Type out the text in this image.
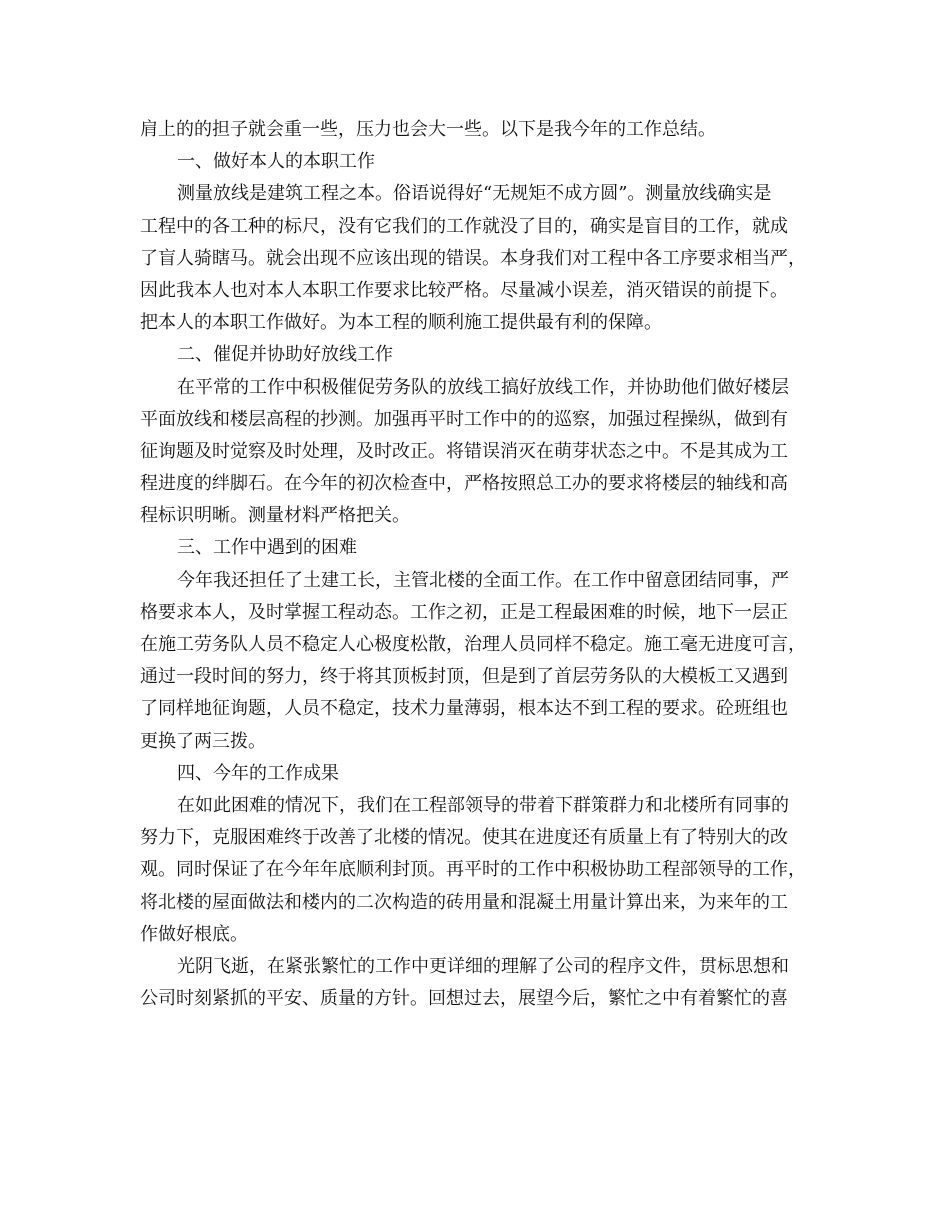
肩上的的担子就会重一些，压力也会大一些。以下是我今年的工作总结。
一、做好本人的本职工作
测量放线是建筑工程之本。俗语说得好“无规矩不成方圆”。测量放线确实是
工程中的各工种的标尺，没有它我们的工作就没了目的，确实是盲目的工作，就成
了盲人骑瞎马。就会出现不应该出现的错误。本身我们对工程中各工序要求相当严，
因此我本人也对本人本职工作要求比较严格。尽量减小误差，消灭错误的前提下。
把本人的本职工作做好。为本工程的顺利施工提供最有利的保障。
二、催促并协助好放线工作
在平常的工作中积极催促劳务队的放线工搞好放线工作，并协助他们做好楼层
平面放线和楼层高程的抄测。加强再平时工作中的的巡察，加强过程操纵，做到有
征询题及时觉察及时处理，及时改正。将错误消灭在萌芽状态之中。不是其成为工
程进度的绊脚石。在今年的初次检查中，严格按照总工办的要求将楼层的轴线和高
程标识明晰。测量材料严格把关。
三、工作中遇到的困难
今年我还担任了土建工长，主管北楼的全面工作。在工作中留意团结同事，严
格要求本人，及时掌握工程动态。工作之初，正是工程最困难的时候，地下一层正
在施工劳务队人员不稳定人心极度松散，治理人员同样不稳定。施工毫无进度可言，
通过一段时间的努力，终于将其顶板封顶，但是到了首层劳务队的大模板工又遇到
了同样地征询题，人员不稳定，技术力量薄弱，根本达不到工程的要求。砼班组也
更换了两三拨。
四、今年的工作成果
在如此困难的情况下，我们在工程部领导的带着下群策群力和北楼所有同事的
努力下，克服困难终于改善了北楼的情况。使其在进度还有质量上有了特别大的改
观。同时保证了在今年年底顺利封顶。再平时的工作中积极协助工程部领导的工作，
将北楼的屋面做法和楼内的二次构造的砖用量和混凝土用量计算出来，为来年的工
作做好根底。
光阴飞逝，在紧张繁忙的工作中更详细的理解了公司的程序文件，贯标思想和
公司时刻紧抓的平安、质量的方针。回想过去，展望今后，繁忙之中有着繁忙的喜
